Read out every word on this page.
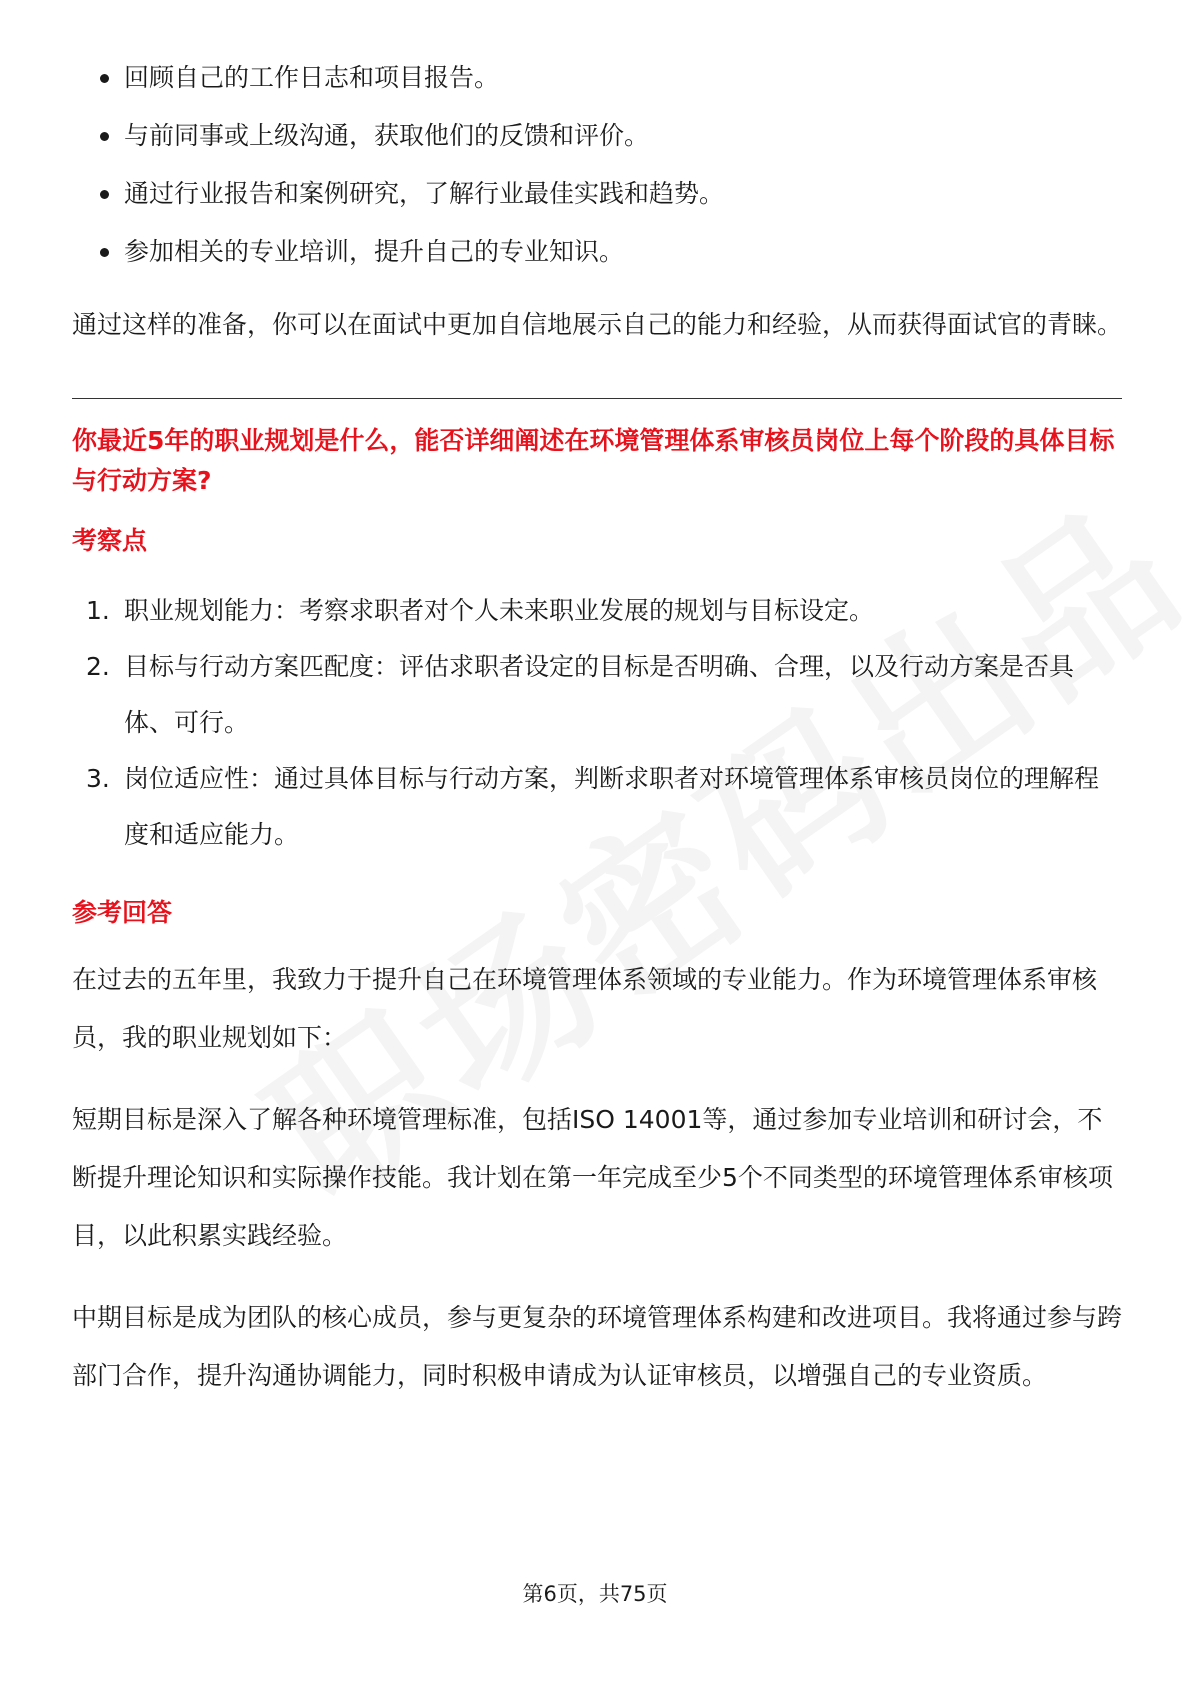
回顾自己的工作日志和项目报告。
与前同事或上级沟通，获取他们的反馈和评价。
通过行业报告和案例研究，了解行业最佳实践和趋势。
参加相关的专业培训，提升自己的专业知识。

通过这样的准备，你可以在面试中更加自信地展示自己的能力和经验，从而获得面试官的青睐。

你最近5年的职业规划是什么，能否详细阐述在环境管理体系审核员岗位上每个阶段的具体目标与行动方案?

考察点

1. 职业规划能力：考察求职者对个人未来职业发展的规划与目标设定。
2. 目标与行动方案匹配度：评估求职者设定的目标是否明确、合理，以及行动方案是否具体、可行。
3. 岗位适应性：通过具体目标与行动方案，判断求职者对环境管理体系审核员岗位的理解程度和适应能力。

参考回答

在过去的五年里，我致力于提升自己在环境管理体系领域的专业能力。作为环境管理体系审核员，我的职业规划如下：

短期目标是深入了解各种环境管理标准，包括ISO 14001等，通过参加专业培训和研讨会，不断提升理论知识和实际操作技能。我计划在第一年完成至少5个不同类型的环境管理体系审核项目，以此积累实践经验。

中期目标是成为团队的核心成员，参与更复杂的环境管理体系构建和改进项目。我将通过参与跨部门合作，提升沟通协调能力，同时积极申请成为认证审核员，以增强自己的专业资质。

第6页，共75页
